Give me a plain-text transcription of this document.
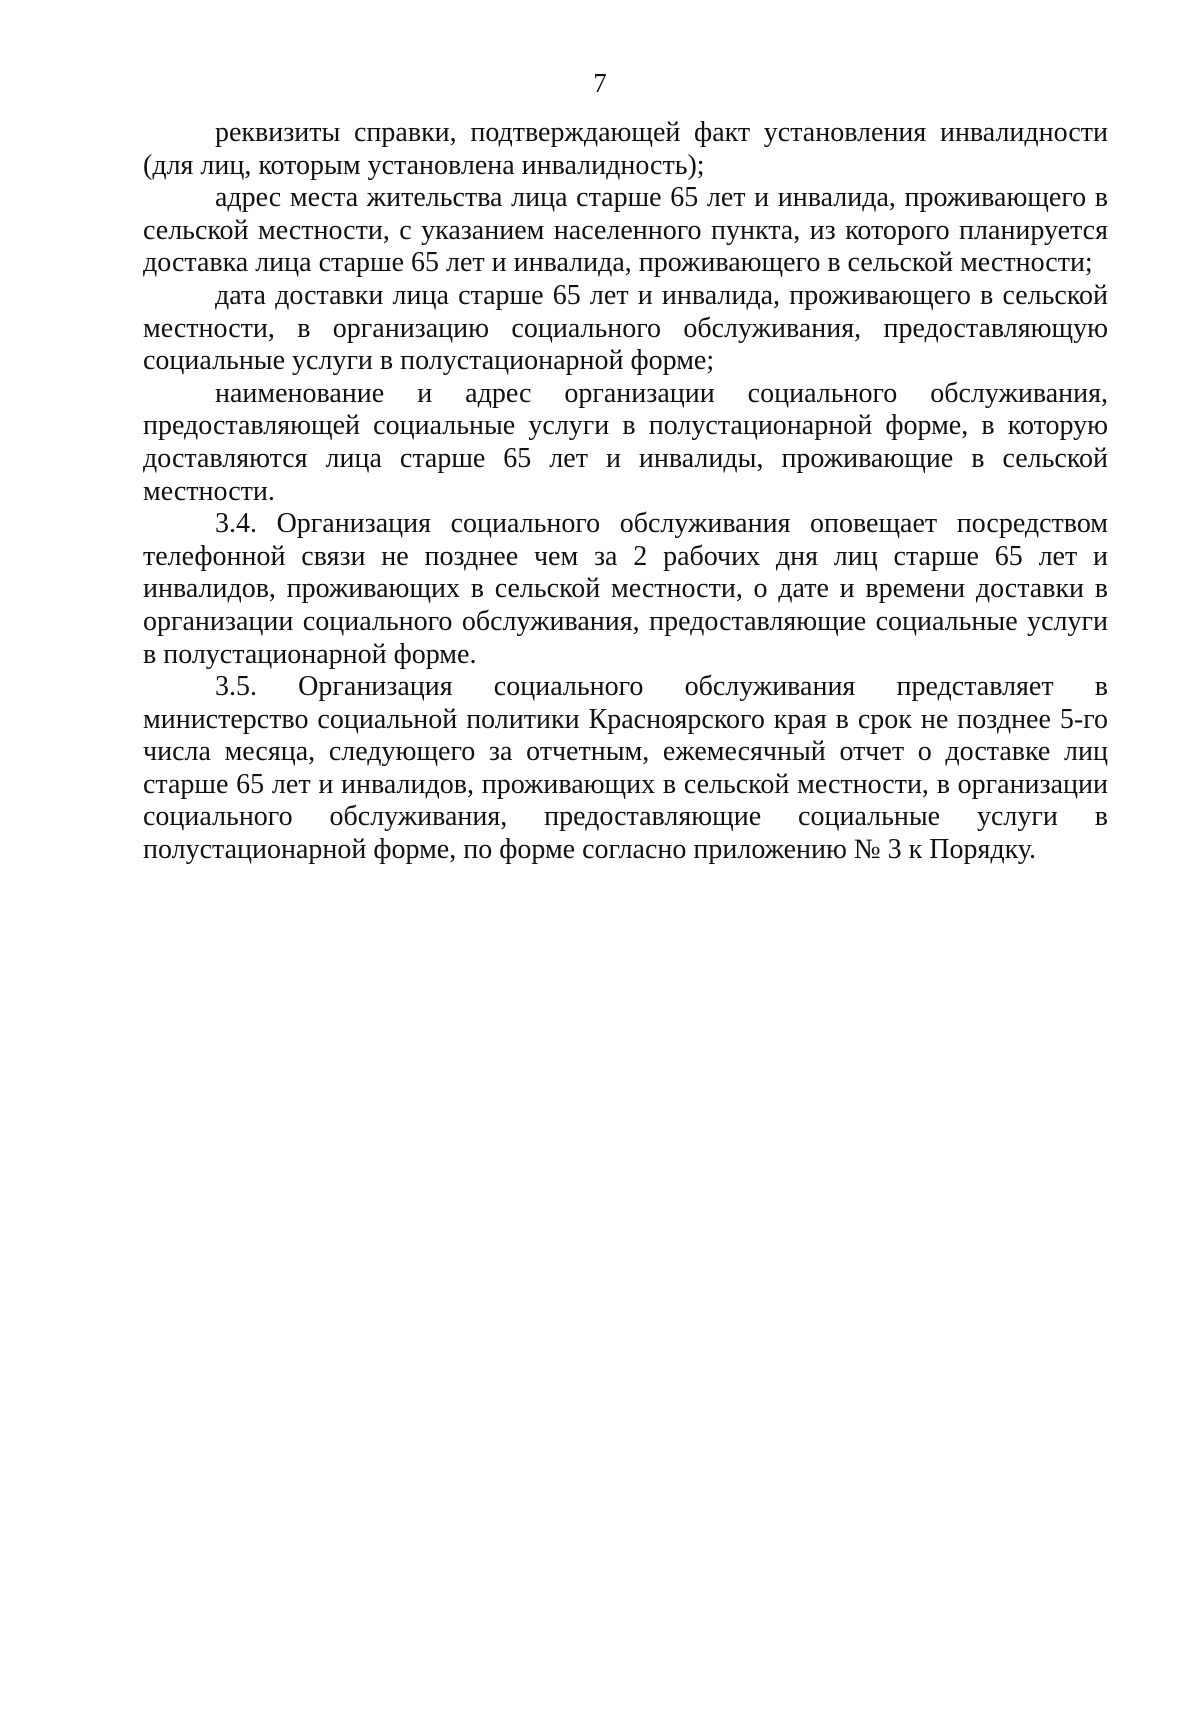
7

реквизиты справки, подтверждающей факт установления инвалидности (для лиц, которым установлена инвалидность);

адрес места жительства лица старше 65 лет и инвалида, проживающего в сельской местности, с указанием населенного пункта, из которого планируется доставка лица старше 65 лет и инвалида, проживающего в сельской местности;

дата доставки лица старше 65 лет и инвалида, проживающего в сельской местности, в организацию социального обслуживания, предоставляющую социальные услуги в полустационарной форме;

наименование и адрес организации социального обслуживания, предоставляющей социальные услуги в полустационарной форме, в которую доставляются лица старше 65 лет и инвалиды, проживающие в сельской местности.

3.4. Организация социального обслуживания оповещает посредством телефонной связи не позднее чем за 2 рабочих дня лиц старше 65 лет и инвалидов, проживающих в сельской местности, о дате и времени доставки в организации социального обслуживания, предоставляющие социальные услуги в полустационарной форме.

3.5. Организация социального обслуживания представляет в министерство социальной политики Красноярского края в срок не позднее 5-го числа месяца, следующего за отчетным, ежемесячный отчет о доставке лиц старше 65 лет и инвалидов, проживающих в сельской местности, в организации социального обслуживания, предоставляющие социальные услуги в полустационарной форме, по форме согласно приложению № 3 к Порядку.
